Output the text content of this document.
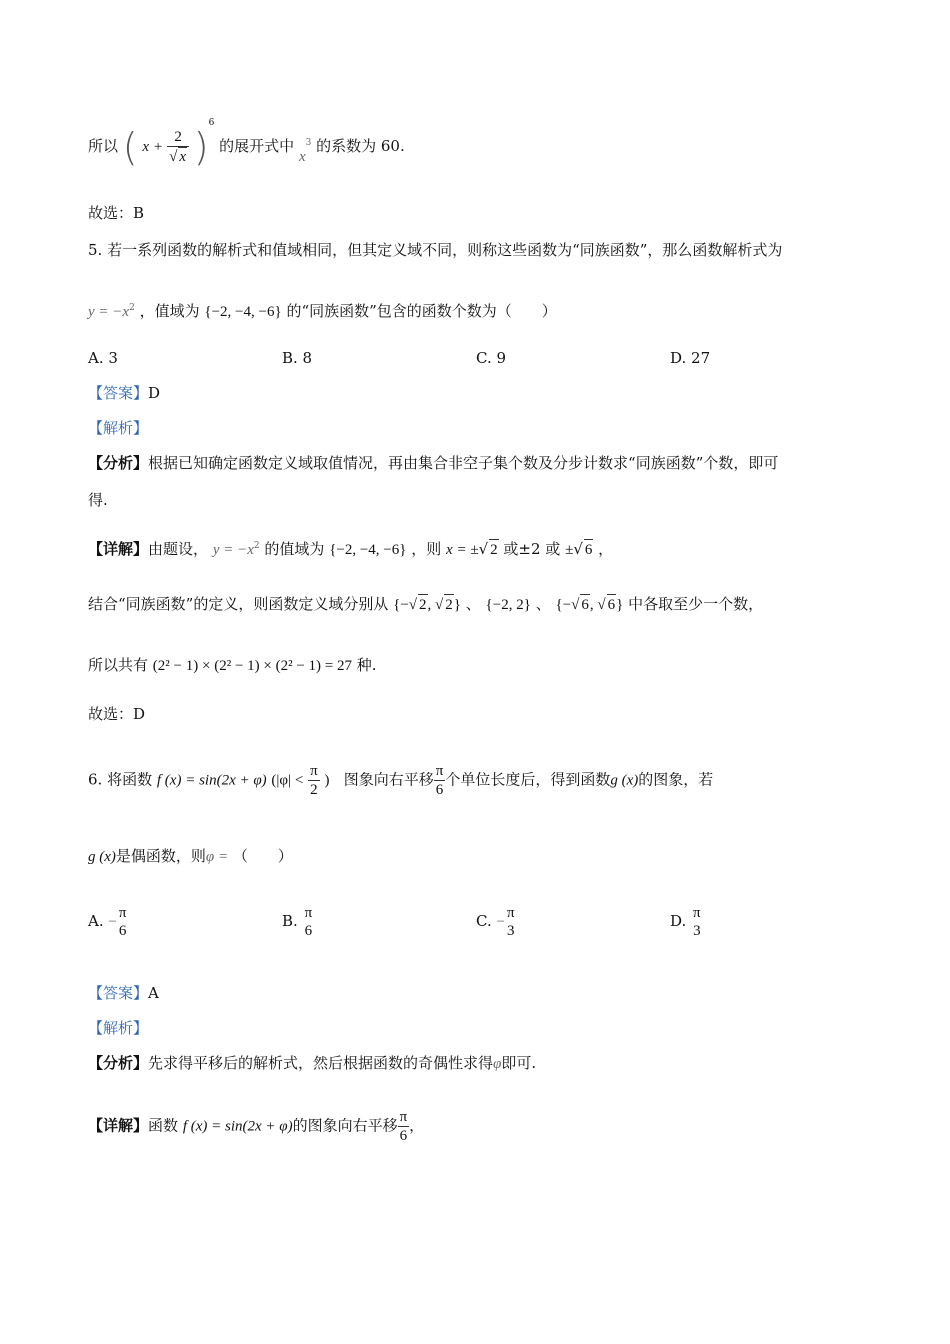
所以 ( $x + \frac{2}{√ x} )^6$ 的展开式中 $x^3$ 的系数为 60.
故选：B
5. 若一系列函数的解析式和值域相同，但其定义域不同，则称这些函数为“同族函数”，那么函数解析式为
$y = -x^2$ ，值域为 {−2, −4, −6} 的“同族函数”包含的函数个数为（　　）
A. 3	B. 8	C. 9	D. 27
【答案】D
【解析】
【分析】根据已知确定函数定义域取值情况，再由集合非空子集个数及分步计数求“同族函数”个数，即可
得.
【详解】由题设， $y = -x^2$ 的值域为 {−2, −4, −6} ，则 x = ±√ 2 或±2 或 ±√ 6 ，
结合“同族函数”的定义，则函数定义域分别从 {−√ 2, √ 2} 、 {−2, 2} 、 {−√ 6, √ 6} 中各取至少一个数，
所以共有 (2² − 1) × (2² − 1) × (2² − 1) = 27 种.
故选：D
6. 将函数 f (x) = sin(2x + φ) ($|\varphi| < \frac{\pi}{2}$ ) 图象向右平移 $\frac{\pi}{6}$ 个单位长度后，得到函数g (x)的图象，若
g (x)是偶函数，则φ = （　　）
A. −
π
6
B. π
6
C. −
π
3
D. π
3
【答案】A
【解析】
【分析】先求得平移后的解析式，然后根据函数的奇偶性求得φ即可.
【详解】函数 f (x) = sin(2x + φ)的图象向右平移 $\frac{\pi}{6}$ ，
